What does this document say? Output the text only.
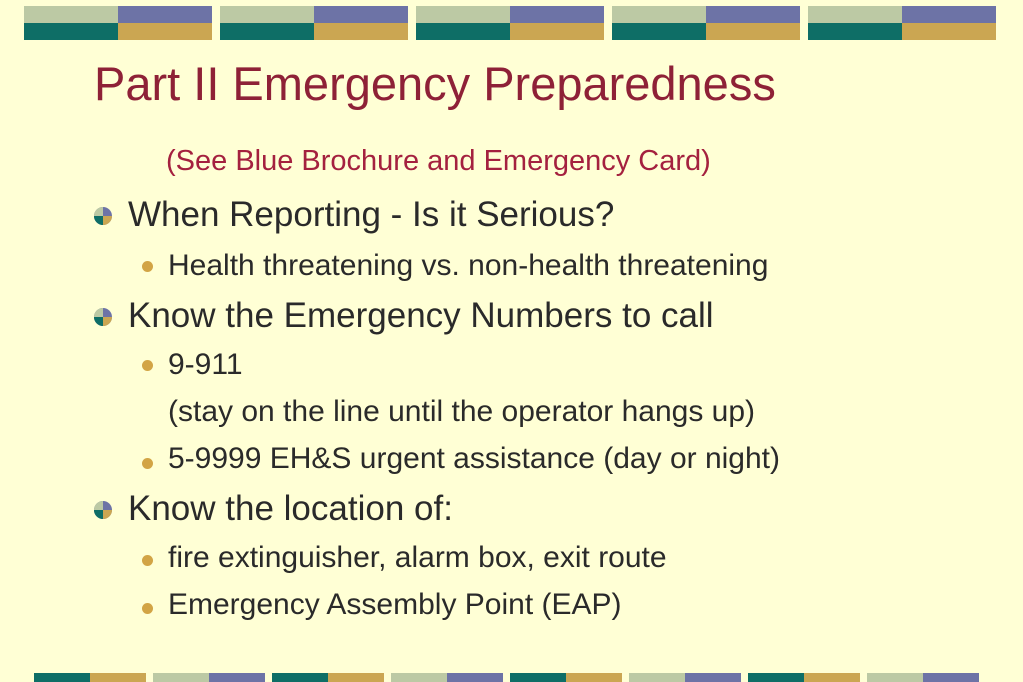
Part II Emergency Preparedness
(See Blue Brochure and Emergency Card)
When Reporting - Is it Serious?
Health threatening vs. non-health threatening
Know the Emergency Numbers to call
9-911
(stay on the line until the operator hangs up)
5-9999 EH&S urgent assistance (day or night)
Know the location of:
fire extinguisher, alarm box, exit route
Emergency Assembly Point (EAP)
